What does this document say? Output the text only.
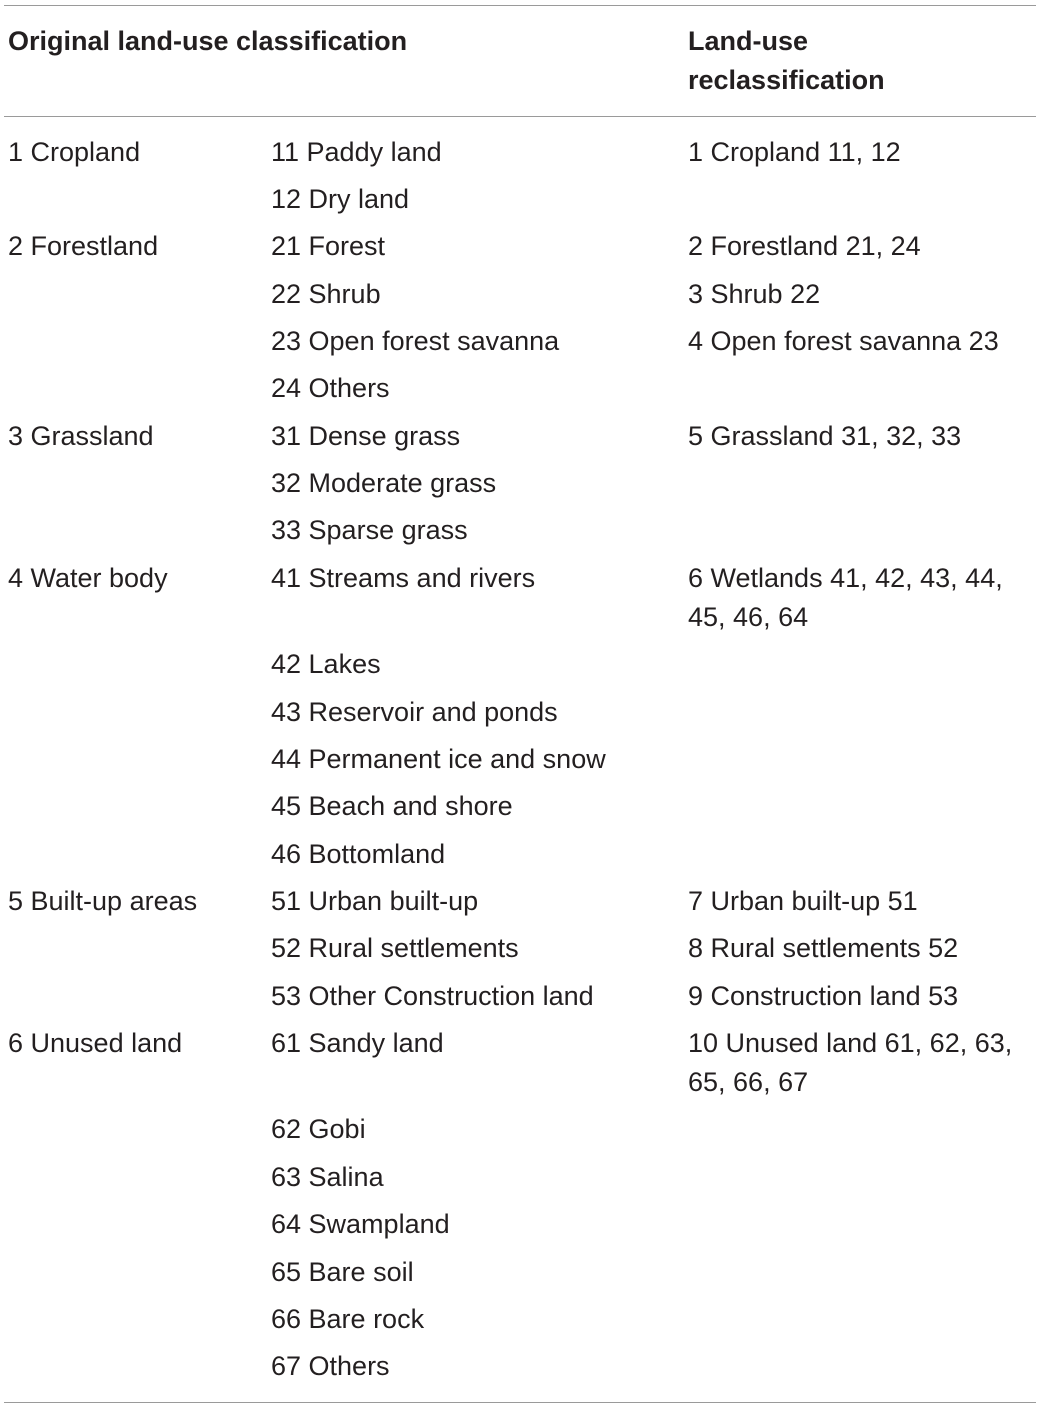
Original land-use classification	Land-use
reclassification
1 Cropland
2 Forestland
3 Grassland
4 Water body
5 Built-up areas
6 Unused land
11 Paddy land
12 Dry land
21 Forest
22 Shrub
23 Open forest savanna
24 Others
31 Dense grass
32 Moderate grass
33 Sparse grass
41 Streams and rivers
42 Lakes
43 Reservoir and ponds
44 Permanent ice and snow
45 Beach and shore
46 Bottomland
51 Urban built-up
52 Rural settlements
53 Other Construction land
61 Sandy land
62 Gobi
63 Salina
64 Swampland
65 Bare soil
66 Bare rock
67 Others
1 Cropland 11, 12
2 Forestland 21, 24
3 Shrub 22
4 Open forest savanna 23
5 Grassland 31, 32, 33
6 Wetlands 41, 42, 43, 44,
45, 46, 64
7 Urban built-up 51
8 Rural settlements 52
9 Construction land 53
10 Unused land 61, 62, 63,
65, 66, 67
